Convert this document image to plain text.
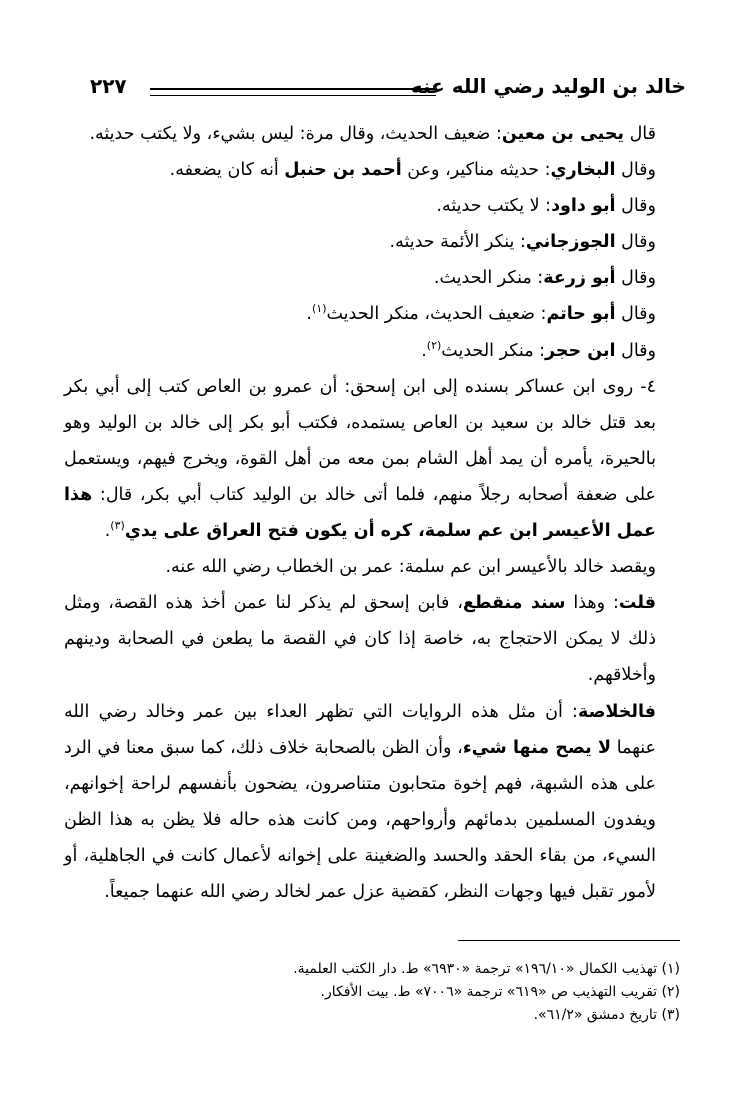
خالد بن الوليد رضي الله عنه
٢٢٧

قال يحيى بن معين: ضعيف الحديث، وقال مرة: ليس بشيء، ولا يكتب حديثه.

وقال البخاري: حديثه مناكير، وعن أحمد بن حنبل أنه كان يضعفه.

وقال أبو داود: لا يكتب حديثه.

وقال الجوزجاني: ينكر الأئمة حديثه.

وقال أبو زرعة: منكر الحديث.

وقال أبو حاتم: ضعيف الحديث، منكر الحديث$^{(١)}$.

وقال ابن حجر: منكر الحديث$^{(٢)}$.

٤- روى ابن عساكر بسنده إلى ابن إسحق: أن عمرو بن العاص كتب إلى أبي بكر بعد قتل خالد بن سعيد بن العاص يستمده، فكتب أبو بكر إلى خالد بن الوليد وهو بالحيرة، يأمره أن يمد أهل الشام بمن معه من أهل القوة، ويخرج فيهم، ويستعمل على ضعفة أصحابه رجلاً منهم، فلما أتى خالد بن الوليد كتاب أبي بكر، قال: هذا عمل الأعيسر ابن عم سلمة، كره أن يكون فتح العراق على يدي$^{(٣)}$.

ويقصد خالد بالأعيسر ابن عم سلمة: عمر بن الخطاب رضي الله عنه.

قلت: وهذا سند منقطع، فابن إسحق لم يذكر لنا عمن أخذ هذه القصة، ومثل ذلك لا يمكن الاحتجاج به، خاصة إذا كان في القصة ما يطعن في الصحابة ودينهم وأخلاقهم.

فالخلاصة: أن مثل هذه الروايات التي تظهر العداء بين عمر وخالد رضي الله عنهما لا يصح منها شيء، وأن الظن بالصحابة خلاف ذلك، كما سبق معنا في الرد على هذه الشبهة، فهم إخوة متحابون متناصرون، يضحون بأنفسهم لراحة إخوانهم، ويفدون المسلمين بدمائهم وأرواحهم، ومن كانت هذه حاله فلا يظن به هذا الظن السيء، من بقاء الحقد والحسد والضغينة على إخوانه لأعمال كانت في الجاهلية، أو لأمور تقبل فيها وجهات النظر، كقضية عزل عمر لخالد رضي الله عنهما جميعاً.

(١) تهذيب الكمال «١٩٦/١٠» ترجمة «٦٩٣٠» ط. دار الكتب العلمية.

(٢) تقريب التهذيب ص «٦١٩» ترجمة «٧٠٠٦» ط. بيت الأفكار.

(٣) تاريخ دمشق «٦١/٢».
